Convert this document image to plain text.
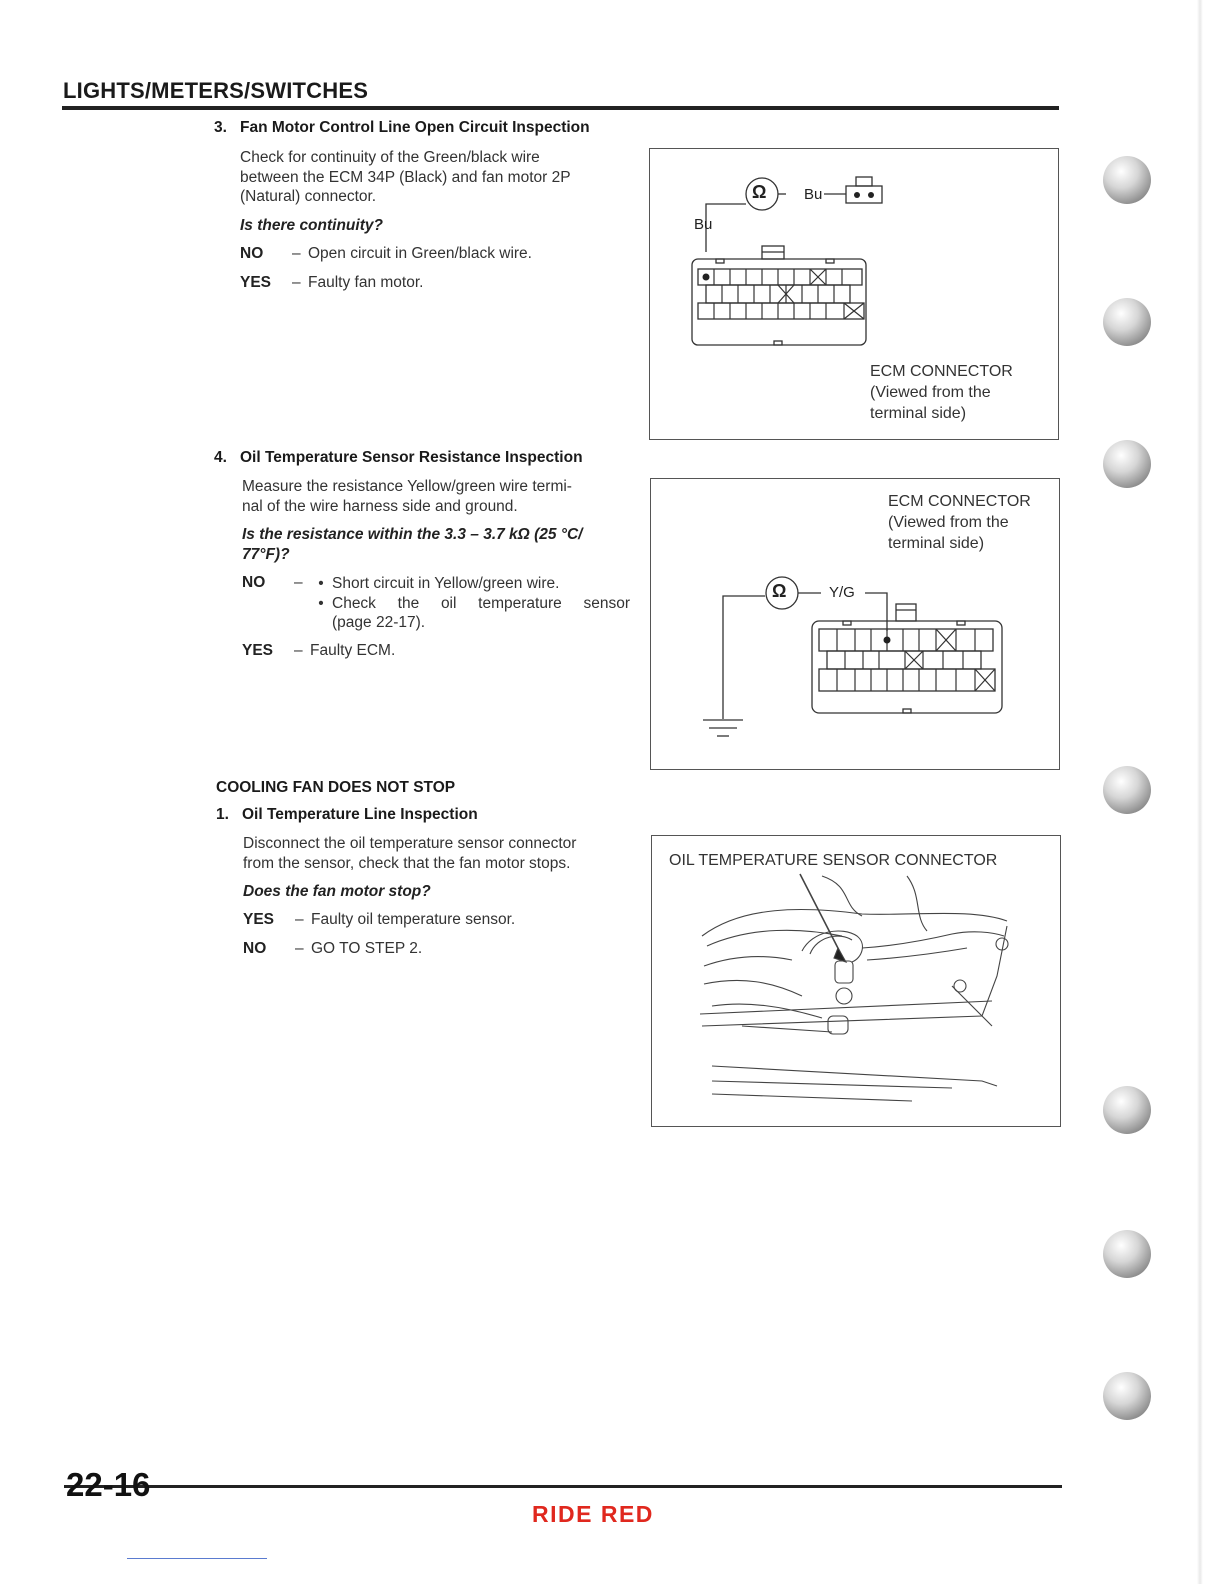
LIGHTS/METERS/SWITCHES
3. Fan Motor Control Line Open Circuit Inspection
Check for continuity of the Green/black wire
between the ECM 34P (Black) and fan motor 2P
(Natural) connector.
Is there continuity?
NO	– Open circuit in Green/black wire.
YES	– Faulty fan motor.
Ω	Bu
Bu
ECM CONNECTOR
(Viewed from the
terminal side)
4. Oil Temperature Sensor Resistance Inspection
Measure the resistance Yellow/green wire termi-
nal of the wire harness side and ground.
Is the resistance within the 3.3 – 3.7 kΩ (25 °C/
77°F)?
NO	–	• Short circuit in Yellow/green wire.
• Check the oil temperature sensor
(page 22-17).
YES	– Faulty ECM.
Ω	Y/G
ECM CONNECTOR
(Viewed from the
terminal side)
COOLING FAN DOES NOT STOP
1. Oil Temperature Line Inspection
Disconnect the oil temperature sensor connector
from the sensor, check that the fan motor stops.
Does the fan motor stop?
YES	– Faulty oil temperature sensor.
NO	– GO TO STEP 2.
OIL TEMPERATURE SENSOR CONNECTOR
22-16
RIDE RED
